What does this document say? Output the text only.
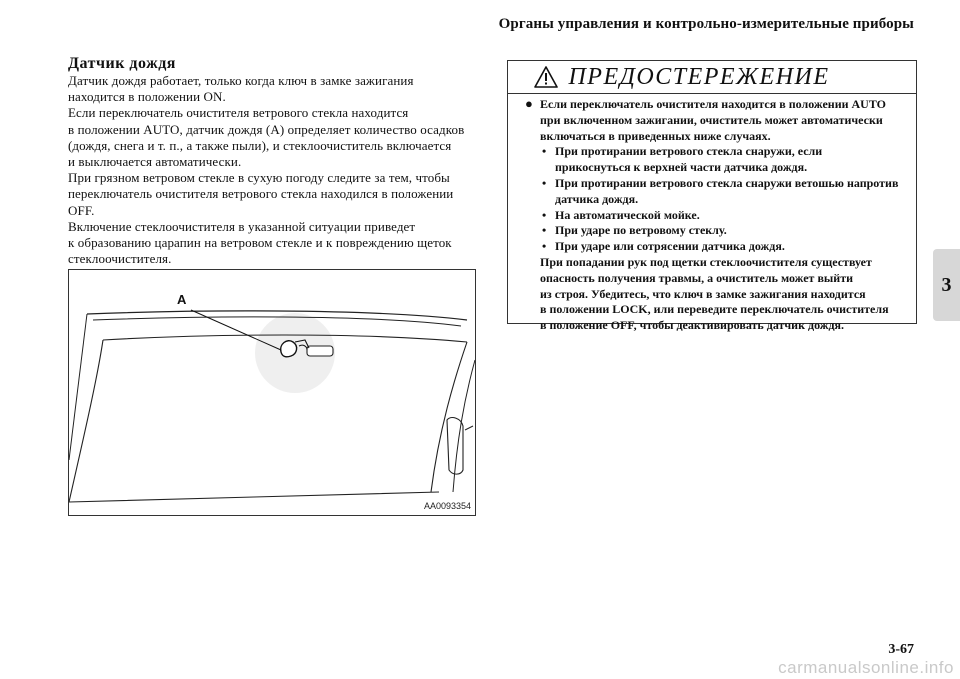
Органы управления и контрольно-измерительные приборы
3
Датчик дождя

Датчик дождя работает, только когда ключ в замке зажигания

находится в положении ON.

Если переключатель очистителя ветрового стекла находится

в положении AUTO, датчик дождя (A) определяет количество осадков

(дождя, снега и т. п., а также пыли), и стеклоочиститель включается

и выключается автоматически.

При грязном ветровом стекле в сухую погоду следите за тем, чтобы

переключатель очистителя ветрового стекла находился в положении

OFF.

Включение стеклоочистителя в указанной ситуации приведет

к образованию царапин на ветровом стекле и к повреждению щеток

стеклоочистителя.

A
AA0093354
ПРЕДОСТЕРЕЖЕНИЕ
● Если переключатель очистителя находится в положении AUTO
при включенном зажигании, очиститель может автоматически
включаться в приведенных ниже случаях.
• При протирании ветрового стекла снаружи, если
прикоснуться к верхней части датчика дождя.
• При протирании ветрового стекла снаружи ветошью напротив
датчика дождя.
• На автоматической мойке.
• При ударе по ветровому стеклу.
• При ударе или сотрясении датчика дождя.
При попадании рук под щетки стеклоочистителя существует
опасность получения травмы, а очиститель может выйти
из строя. Убедитесь, что ключ в замке зажигания находится
в положении LOCK, или переведите переключатель очистителя
в положение OFF, чтобы деактивировать датчик дождя.
3-67
carmanualsonline.info
